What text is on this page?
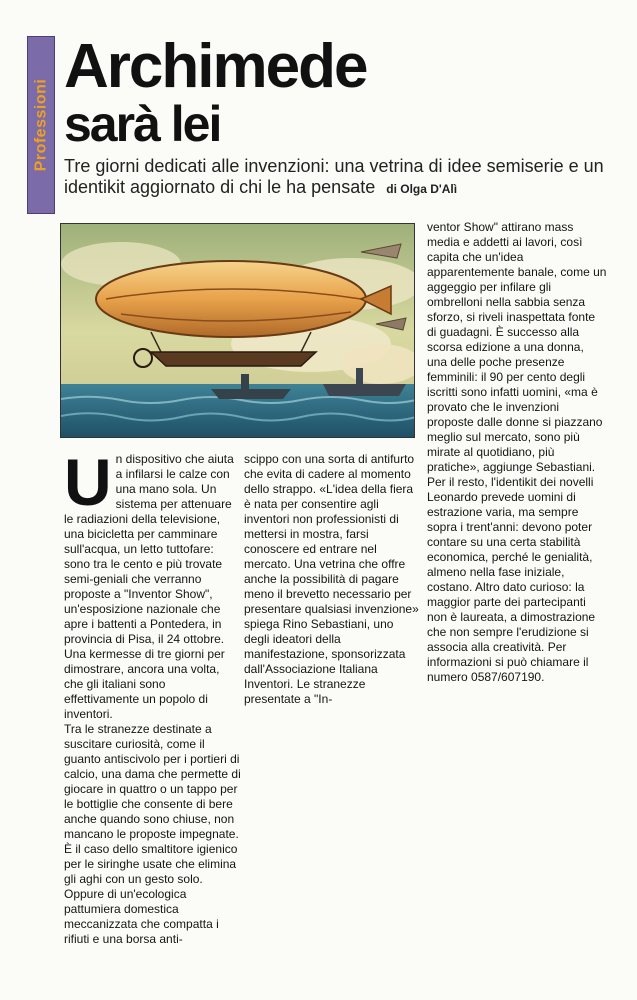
Professioni
Archimede
sarà lei
Tre giorni dedicati alle invenzioni: una vetrina di idee semiserie e un identikit aggiornato di chi le ha pensate di Olga D'Alì
U n dispositivo che aiuta a infilarsi le calze con una mano sola. Un sistema per attenuare le radiazioni della televisione, una bicicletta per camminare sull'acqua, un letto tuttofare: sono tra le cento e più trovate semi-geniali che verranno proposte a "Inventor Show", un'esposizione nazionale che apre i battenti a Pontedera, in provincia di Pisa, il 24 ottobre.

Una kermesse di tre giorni per dimostrare, ancora una volta, che gli italiani sono effettivamente un popolo di inventori.

Tra le stranezze destinate a suscitare curiosità, come il guanto antiscivolo per i portieri di calcio, una dama che permette di giocare in quattro o un tappo per le bottiglie che consente di bere anche quando sono chiuse, non mancano le proposte impegnate. È il caso dello smaltitore igienico per le siringhe usate che elimina gli aghi con un gesto solo. Oppure di un'ecologica pattumiera domestica meccanizzata che compatta i rifiuti e una borsa anti-

scippo con una sorta di antifurto che evita di cadere al momento dello strappo. «L'idea della fiera è nata per consentire agli inventori non professionisti di mettersi in mostra, farsi conoscere ed entrare nel mercato. Una vetrina che offre anche la possibilità di pagare meno il brevetto necessario per presentare qualsiasi invenzione» spiega Rino Sebastiani, uno degli ideatori della manifestazione, sponsorizzata dall'Associazione Italiana Inventori. Le stranezze presentate a "In-

ventor Show" attirano mass media e addetti ai lavori, così capita che un'idea apparentemente banale, come un aggeggio per infilare gli ombrelloni nella sabbia senza sforzo, si riveli inaspettata fonte di guadagni. È successo alla scorsa edizione a una donna, una delle poche presenze femminili: il 90 per cento degli iscritti sono infatti uomini, «ma è provato che le invenzioni proposte dalle donne si piazzano meglio sul mercato, sono più mirate al quotidiano, più pratiche», aggiunge Sebastiani.

Per il resto, l'identikit dei novelli Leonardo prevede uomini di estrazione varia, ma sempre sopra i trent'anni: devono poter contare su una certa stabilità economica, perché le genialità, almeno nella fase iniziale, costano. Altro dato curioso: la maggior parte dei partecipanti non è laureata, a dimostrazione che non sempre l'erudizione si associa alla creatività. Per informazioni si può chiamare il numero 0587/607190.
